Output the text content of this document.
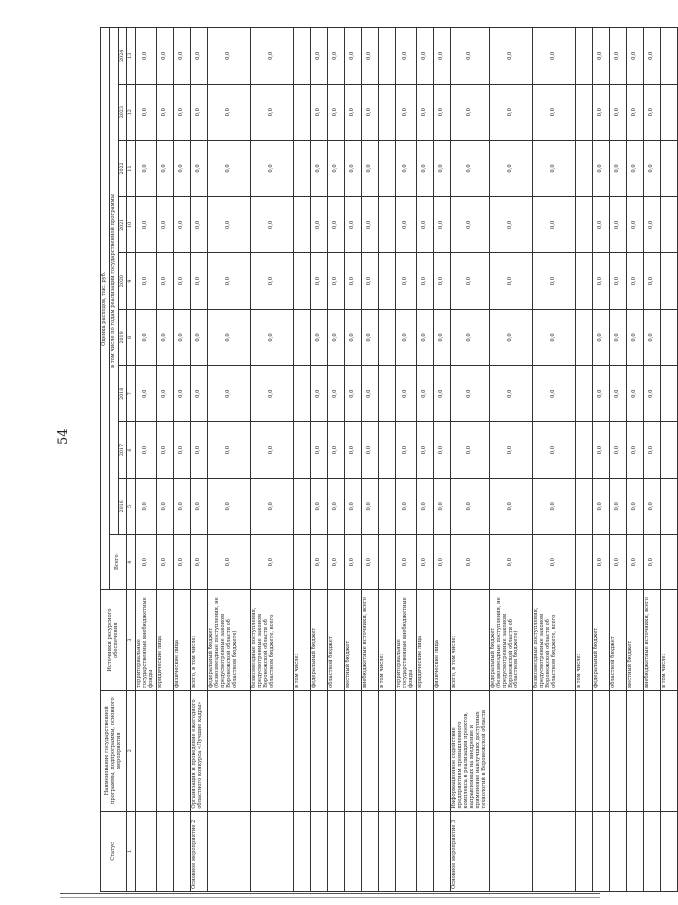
54
Статус	Наименование государственной программы, подпрограммы, основного мероприятия	Источники ресурсного обеспечения	Оценка расходов, тыс. руб.									
			Всего	в том числе по годам реализации государственной программы								
				2016	2017	2018	2019	2020	2021	2022	2023	2024
1	2	3	4	5	6	7	8	9	10	11	12	13
		территориальные государственные внебюджетные фонды	0,0	0,0	0,0	0,0	0,0	0,0	0,0	0,0	0,0	0,0
		юридические лица	0,0	0,0	0,0	0,0	0,0	0,0	0,0	0,0	0,0	0,0
		физические лица	0,0	0,0	0,0	0,0	0,0	0,0	0,0	0,0	0,0	0,0
Основное мероприятие 2	Организация и проведение ежегодного областного конкурса «Лучшие кадры»	всего, в том числе:	0,0	0,0	0,0	0,0	0,0	0,0	0,0	0,0	0,0	0,0
		федеральный бюджет (безвозмездные поступления, не предусмотренные законом Воронежской области об областном бюджете)	0,0	0,0	0,0	0,0	0,0	0,0	0,0	0,0	0,0	0,0
		безвозмездные поступления, предусмотренные законом Воронежской области об областном бюджете, всего	0,0	0,0	0,0	0,0	0,0	0,0	0,0	0,0	0,0	0,0
		в том числе:										
		федеральный бюджет	0,0	0,0	0,0	0,0	0,0	0,0	0,0	0,0	0,0	0,0
		областной бюджет	0,0	0,0	0,0	0,0	0,0	0,0	0,0	0,0	0,0	0,0
		местный бюджет	0,0	0,0	0,0	0,0	0,0	0,0	0,0	0,0	0,0	0,0
		внебюджетные источники, всего	0,0	0,0	0,0	0,0	0,0	0,0	0,0	0,0	0,0	0,0
		в том числе:										
		территориальные государственные внебюджетные фонды	0,0	0,0	0,0	0,0	0,0	0,0	0,0	0,0	0,0	0,0
		юридические лица	0,0	0,0	0,0	0,0	0,0	0,0	0,0	0,0	0,0	0,0
		физические лица	0,0	0,0	0,0	0,0	0,0	0,0	0,0	0,0	0,0	0,0
Основное мероприятие 3	Информационное содействие предприятиям промышленного комплекса в реализации проектов, направленных на внедрение и применение наилучших доступных технологий в Воронежской области	всего, в том числе:	0,0	0,0	0,0	0,0	0,0	0,0	0,0	0,0	0,0	0,0
		федеральный бюджет (безвозмездные поступления, не предусмотренные законом Воронежской области об областном бюджете)	0,0	0,0	0,0	0,0	0,0	0,0	0,0	0,0	0,0	0,0
		безвозмездные поступления, предусмотренные законом Воронежской области об областном бюджете, всего	0,0	0,0	0,0	0,0	0,0	0,0	0,0	0,0	0,0	0,0
		в том числе:										
		федеральный бюджет	0,0	0,0	0,0	0,0	0,0	0,0	0,0	0,0	0,0	0,0
		областной бюджет	0,0	0,0	0,0	0,0	0,0	0,0	0,0	0,0	0,0	0,0
		местный бюджет	0,0	0,0	0,0	0,0	0,0	0,0	0,0	0,0	0,0	0,0
		внебюджетные источники, всего	0,0	0,0	0,0	0,0	0,0	0,0	0,0	0,0	0,0	0,0
		в том числе:										
